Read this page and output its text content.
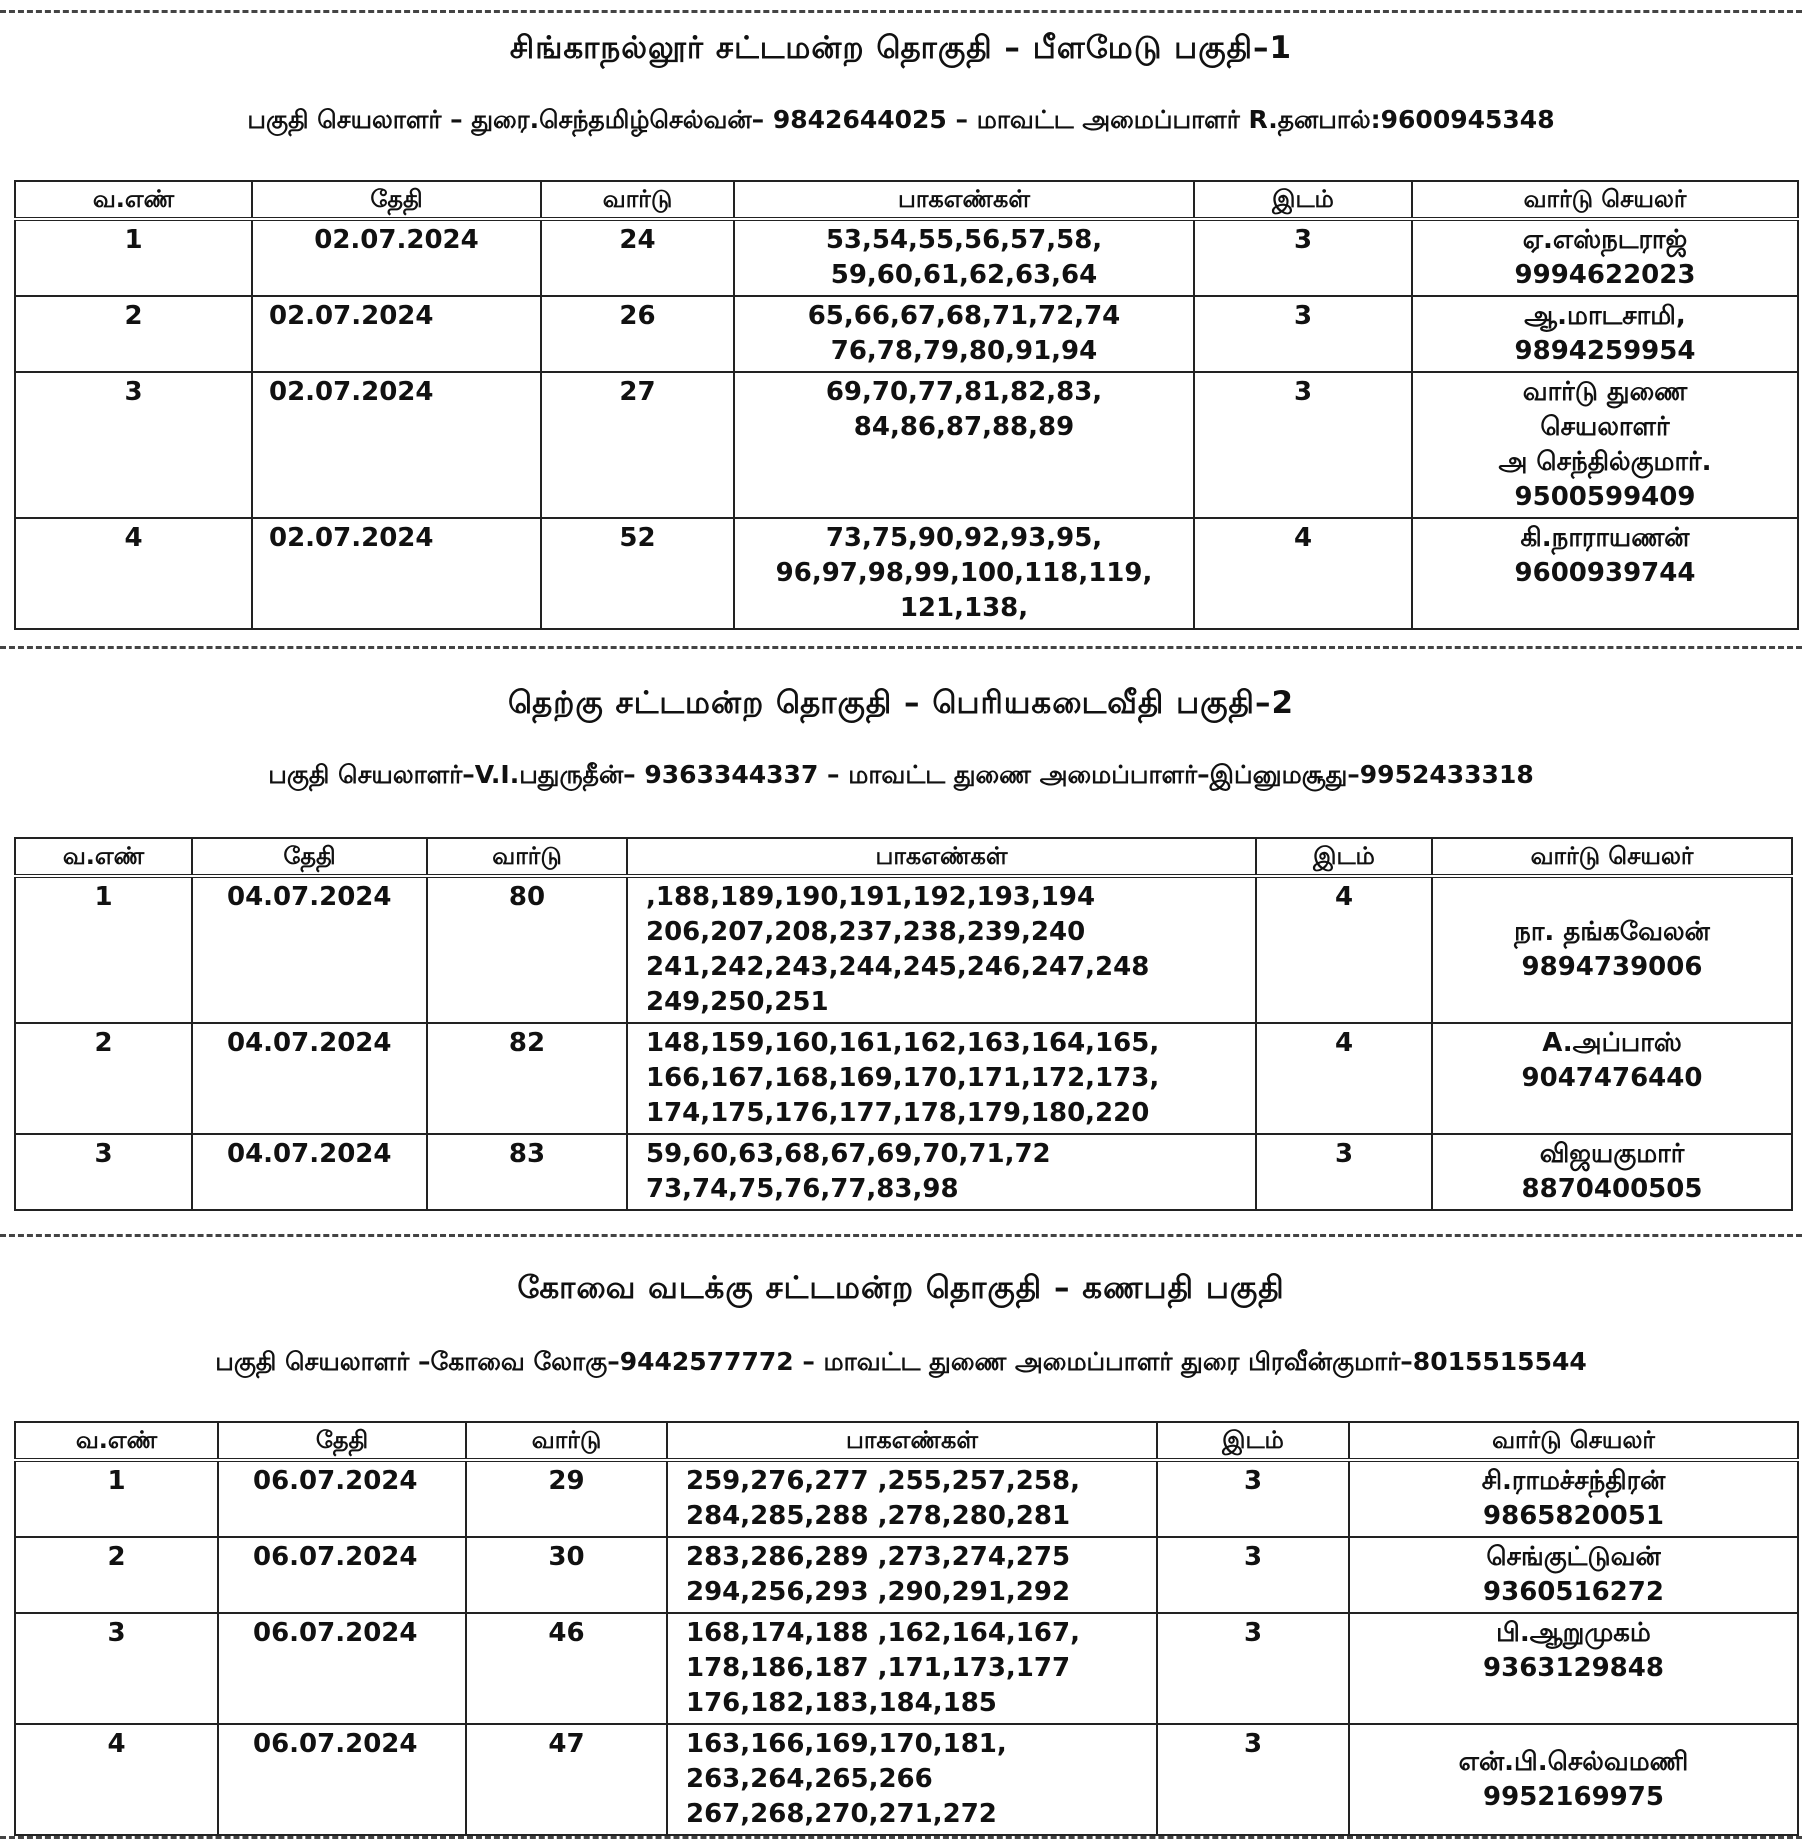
சிங்காநல்லூர் சட்டமன்ற தொகுதி – பீளமேடு பகுதி–1
பகுதி செயலாளர் – துரை.செந்தமிழ்செல்வன்– 9842644025 – மாவட்ட அமைப்பாளர் R.தனபால்:9600945348
வ.எண்	தேதி	வார்டு	பாகஎண்கள்	இடம்	வார்டு செயலர்
1	02.07.2024	24	53,54,55,56,57,58,
59,60,61,62,63,64	3	ஏ.எஸ்நடராஜ்
9994622023
2	02.07.2024	26	65,66,67,68,71,72,74
76,78,79,80,91,94	3	ஆ.மாடசாமி,
9894259954
3	02.07.2024	27	69,70,77,81,82,83,
84,86,87,88,89	3	வார்டு துணை
செயலாளர்
அ செந்தில்குமார்.
9500599409
4	02.07.2024	52	73,75,90,92,93,95,
96,97,98,99,100,118,119,
121,138,	4	கி.நாராயணன்
9600939744
தெற்கு சட்டமன்ற தொகுதி – பெரியகடைவீதி பகுதி–2
பகுதி செயலாளர்–V.I.பதுருதீன்– 9363344337 – மாவட்ட துணை அமைப்பாளர்–இப்னுமசூது–9952433318
வ.எண்	தேதி	வார்டு	பாகஎண்கள்	இடம்	வார்டு செயலர்
1	04.07.2024	80	,188,189,190,191,192,193,194
206,207,208,237,238,239,240
241,242,243,244,245,246,247,248
249,250,251	4	நா. தங்கவேலன்
9894739006
2	04.07.2024	82	148,159,160,161,162,163,164,165,
166,167,168,169,170,171,172,173,
174,175,176,177,178,179,180,220	4	A.அப்பாஸ்
9047476440
3	04.07.2024	83	59,60,63,68,67,69,70,71,72
73,74,75,76,77,83,98	3	விஜயகுமார்
8870400505
கோவை வடக்கு சட்டமன்ற தொகுதி – கணபதி பகுதி
பகுதி செயலாளர் –கோவை லோகு–9442577772 – மாவட்ட துணை அமைப்பாளர் துரை பிரவீன்குமார்–8015515544
வ.எண்	தேதி	வார்டு	பாகஎண்கள்	இடம்	வார்டு செயலர்
1	06.07.2024	29	259,276,277 ,255,257,258,
284,285,288 ,278,280,281	3	சி.ராமச்சந்திரன்
9865820051
2	06.07.2024	30	283,286,289 ,273,274,275
294,256,293 ,290,291,292	3	செங்குட்டுவன்
9360516272
3	06.07.2024	46	168,174,188 ,162,164,167,
178,186,187 ,171,173,177
176,182,183,184,185	3	பி.ஆறுமுகம்
9363129848
4	06.07.2024	47	163,166,169,170,181,
263,264,265,266
267,268,270,271,272	3	என்.பி.செல்வமணி
9952169975
